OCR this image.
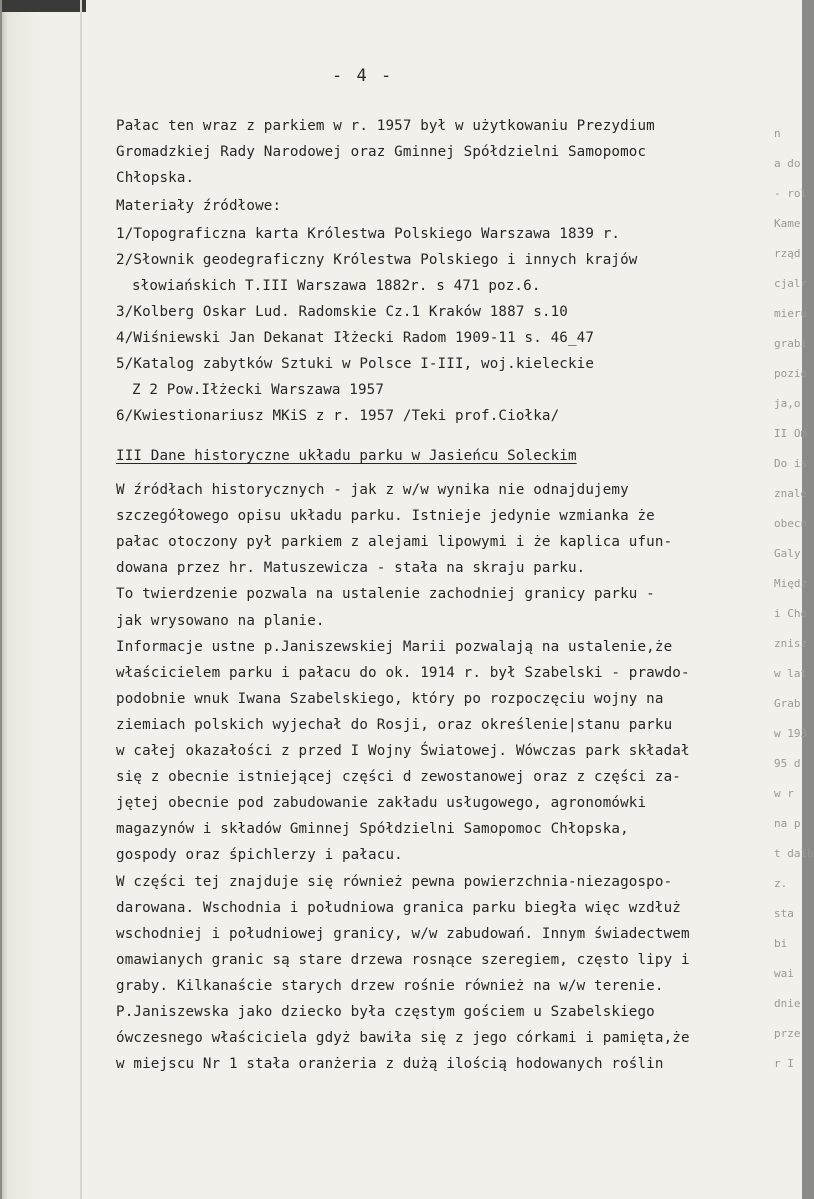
n
a do
- rol
Kame
rząd
cjalr
mieru
grabi
pozio
ja,o
II Om
Do is
znale
obecn
Galy
Międz
i Cho
znisz
w lat
Grab
w 193
95 d
w r
na p
t dalh
z.
sta
bi
wai
dnie
prze
r I
- 4 -
Pałac ten wraz z parkiem w r. 1957 był w użytkowaniu Prezydium
Gromadzkiej Rady Narodowej oraz Gminnej Spółdzielni Samopomoc
Chłopska.
Materiały źródłowe:
1/Topograficzna karta Królestwa Polskiego Warszawa 1839 r.
2/Słownik geodegraficzny Królestwa Polskiego i innych krajów
słowiańskich T.III Warszawa 1882r. s 471 poz.6.
3/Kolberg Oskar Lud. Radomskie Cz.1 Kraków 1887 s.10
4/Wiśniewski Jan Dekanat Iłżecki Radom 1909-11 s. 46_47
5/Katalog zabytków Sztuki w Polsce I-III, woj.kieleckie
Z 2 Pow.Iłżecki Warszawa 1957
6/Kwiestionariusz MKiS z r. 1957 /Teki prof.Ciołka/
III Dane historyczne układu parku w Jasieńcu Soleckim
W źródłach historycznych - jak z w/w wynika nie odnajdujemy
szczegółowego opisu układu parku. Istnieje jedynie wzmianka że
pałac otoczony pył parkiem z alejami lipowymi i że kaplica ufun-
dowana przez hr. Matuszewicza - stała na skraju parku.
To twierdzenie pozwala na ustalenie zachodniej granicy parku -
jak wrysowano na planie.
Informacje ustne p.Janiszewskiej Marii pozwalają na ustalenie,że
właścicielem parku i pałacu do ok. 1914 r. był Szabelski - prawdo-
podobnie wnuk Iwana Szabelskiego, który po rozpoczęciu wojny na
ziemiach polskich wyjechał do Rosji, oraz określenie|stanu parku
w całej okazałości z przed I Wojny Światowej. Wówczas park składał
się z obecnie istniejącej części d zewostanowej oraz z części za-
jętej obecnie pod zabudowanie zakładu usługowego, agronomówki
magazynów i składów Gminnej Spółdzielni Samopomoc Chłopska,
gospody oraz śpichlerzy i pałacu.
W części tej znajduje się również pewna powierzchnia-niezagospo-
darowana. Wschodnia i południowa granica parku biegła więc wzdłuż
wschodniej i południowej granicy, w/w zabudowań. Innym świadectwem
omawianych granic są stare drzewa rosnące szeregiem, często lipy i
graby. Kilkanaście starych drzew rośnie również na w/w terenie.
P.Janiszewska jako dziecko była częstym gościem u Szabelskiego
ówczesnego właściciela gdyż bawiła się z jego córkami i pamięta,że
w miejscu Nr 1 stała oranżeria z dużą ilością hodowanych roślin
